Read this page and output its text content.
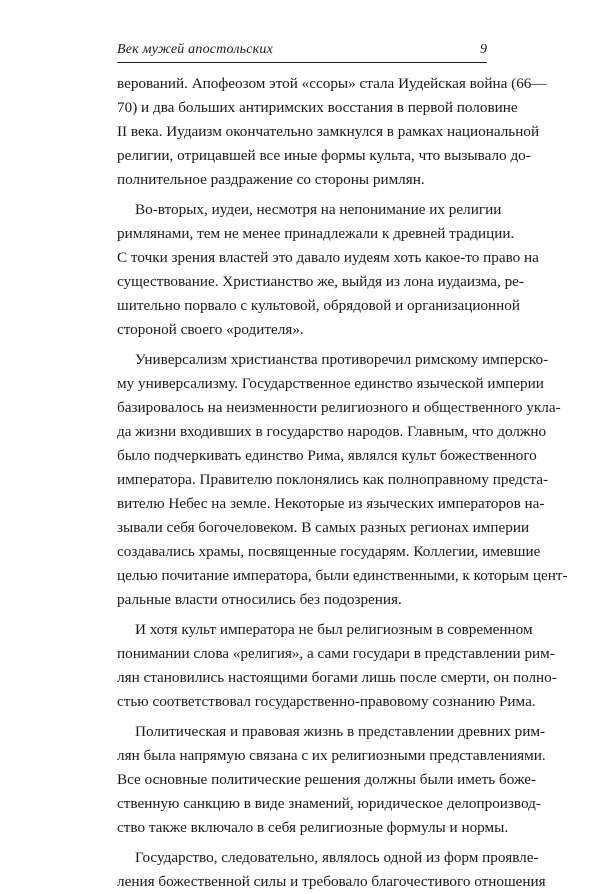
Век мужей апостольских	9
верований. Апофеозом этой «ссоры» стала Иудейская война (66—
70) и два больших антиримских восстания в первой половине
II века. Иудаизм окончательно замкнулся в рамках национальной
религии, отрицавшей все иные формы культа, что вызывало до-
полнительное раздражение со стороны римлян.
Во-вторых, иудеи, несмотря на непонимание их религии
римлянами, тем не менее принадлежали к древней традиции.
С точки зрения властей это давало иудеям хоть какое-то право на
существование. Христианство же, выйдя из лона иудаизма, ре-
шительно порвало с культовой, обрядовой и организационной
стороной своего «родителя».
Универсализм христианства противоречил римскому имперско-
му универсализму. Государственное единство языческой империи
базировалось на неизменности религиозного и общественного укла-
да жизни входивших в государство народов. Главным, что должно
было подчеркивать единство Рима, являлся культ божественного
императора. Правителю поклонялись как полноправному предста-
вителю Небес на земле. Некоторые из языческих императоров на-
зывали себя богочеловеком. В самых разных регионах империи
создавались храмы, посвященные государям. Коллегии, имевшие
целью почитание императора, были единственными, к которым цент-
ральные власти относились без подозрения.
И хотя культ императора не был религиозным в современном
понимании слова «религия», а сами государи в представлении рим-
лян становились настоящими богами лишь после смерти, он полно-
стью соответствовал государственно-правовому сознанию Рима.
Политическая и правовая жизнь в представлении древних рим-
лян была напрямую связана с их религиозными представлениями.
Все основные политические решения должны были иметь боже-
ственную санкцию в виде знамений, юридическое делопроизвод-
ство также включало в себя религиозные формулы и нормы.
Государство, следовательно, являлось одной из форм проявле-
ления божественной силы и требовало благочестивого отношения
